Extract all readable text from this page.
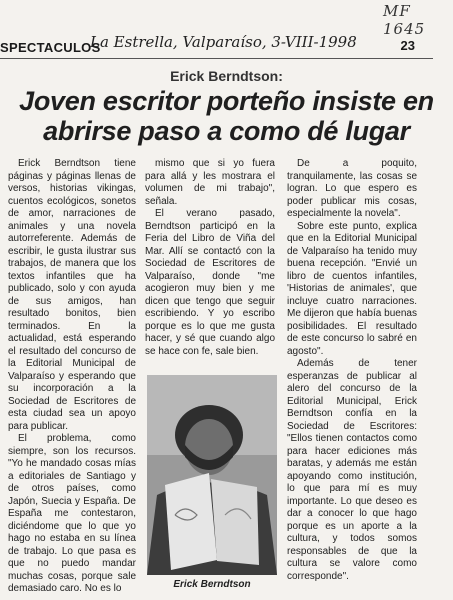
MF 1645
SPECTACULOS
La Estrella, Valparaíso, 3-VIII-1998	23
Erick Berndtson:
Joven escritor porteño insiste en abrirse paso a como dé lugar

Erick Berndtson tiene páginas y páginas llenas de versos, historias vikingas, cuentos ecológicos, sonetos de amor, narraciones de animales y una novela autorreferente. Además de escribir, le gusta ilustrar sus trabajos, de manera que los textos infantiles que ha publicado, solo y con ayuda de sus amigos, han resultado bonitos, bien terminados. En la actualidad, está esperando el resultado del concurso de la Editorial Municipal de Valparaíso y esperando que su incorporación a la Sociedad de Escritores de esta ciudad sea un apoyo para publicar.

El problema, como siempre, son los recursos. "Yo he mandado cosas mías a editoriales de Santiago y de otros países, como Japón, Suecia y España. De España me contestaron, diciéndome que lo que yo hago no estaba en su línea de trabajo. Lo que pasa es que no puedo mandar muchas cosas, porque sale demasiado caro. No es lo

mismo que si yo fuera para allá y les mostrara el volumen de mi trabajo", señala.

El verano pasado, Berndtson participó en la Feria del Libro de Viña del Mar. Allí se contactó con la Sociedad de Escritores de Valparaíso, donde "me acogieron muy bien y me dicen que tengo que seguir escribiendo. Y yo escribo porque es lo que me gusta hacer, y sé que cuando algo se hace con fe, sale bien.

Erick Berndtson

De a poquito, tranquilamente, las cosas se logran. Lo que espero es poder publicar mis cosas, especialmente la novela".

Sobre este punto, explica que en la Editorial Municipal de Valparaíso ha tenido muy buena recepción. "Envié un libro de cuentos infantiles, 'Historias de animales', que incluye cuatro narraciones. Me dijeron que había buenas posibilidades. El resultado de este concurso lo sabré en agosto".

Además de tener esperanzas de publicar al alero del concurso de la Editorial Municipal, Erick Berndtson confía en la Sociedad de Escritores: "Ellos tienen contactos como para hacer ediciones más baratas, y además me están apoyando como institución, lo que para mí es muy importante. Lo que deseo es dar a conocer lo que hago porque es un aporte a la cultura, y todos somos responsables de que la cultura se valore como corresponde".
